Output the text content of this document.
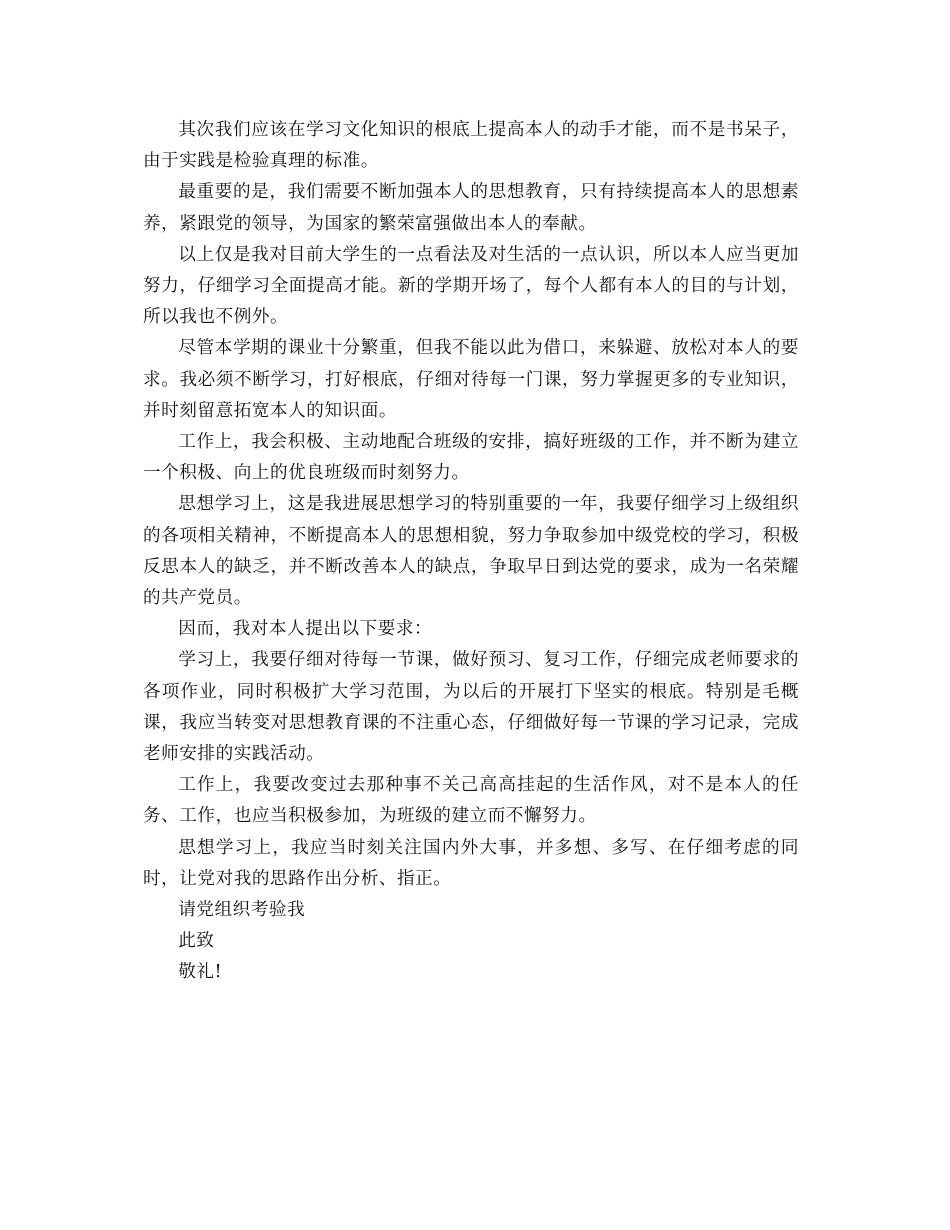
其次我们应该在学习文化知识的根底上提高本人的动手才能，而不是书呆子，由于实践是检验真理的标准。

最重要的是，我们需要不断加强本人的思想教育，只有持续提高本人的思想素养，紧跟党的领导，为国家的繁荣富强做出本人的奉献。

以上仅是我对目前大学生的一点看法及对生活的一点认识，所以本人应当更加努力，仔细学习全面提高才能。新的学期开场了，每个人都有本人的目的与计划，所以我也不例外。

尽管本学期的课业十分繁重，但我不能以此为借口，来躲避、放松对本人的要求。我必须不断学习，打好根底，仔细对待每一门课，努力掌握更多的专业知识，并时刻留意拓宽本人的知识面。

工作上，我会积极、主动地配合班级的安排，搞好班级的工作，并不断为建立一个积极、向上的优良班级而时刻努力。

思想学习上，这是我进展思想学习的特别重要的一年，我要仔细学习上级组织的各项相关精神，不断提高本人的思想相貌，努力争取参加中级党校的学习，积极反思本人的缺乏，并不断改善本人的缺点，争取早日到达党的要求，成为一名荣耀的共产党员。

因而，我对本人提出以下要求：

学习上，我要仔细对待每一节课，做好预习、复习工作，仔细完成老师要求的各项作业，同时积极扩大学习范围，为以后的开展打下坚实的根底。特别是毛概课，我应当转变对思想教育课的不注重心态，仔细做好每一节课的学习记录，完成老师安排的实践活动。

工作上，我要改变过去那种事不关己高高挂起的生活作风，对不是本人的任务、工作，也应当积极参加，为班级的建立而不懈努力。

思想学习上，我应当时刻关注国内外大事，并多想、多写、在仔细考虑的同时，让党对我的思路作出分析、指正。

请党组织考验我

此致

敬礼!
